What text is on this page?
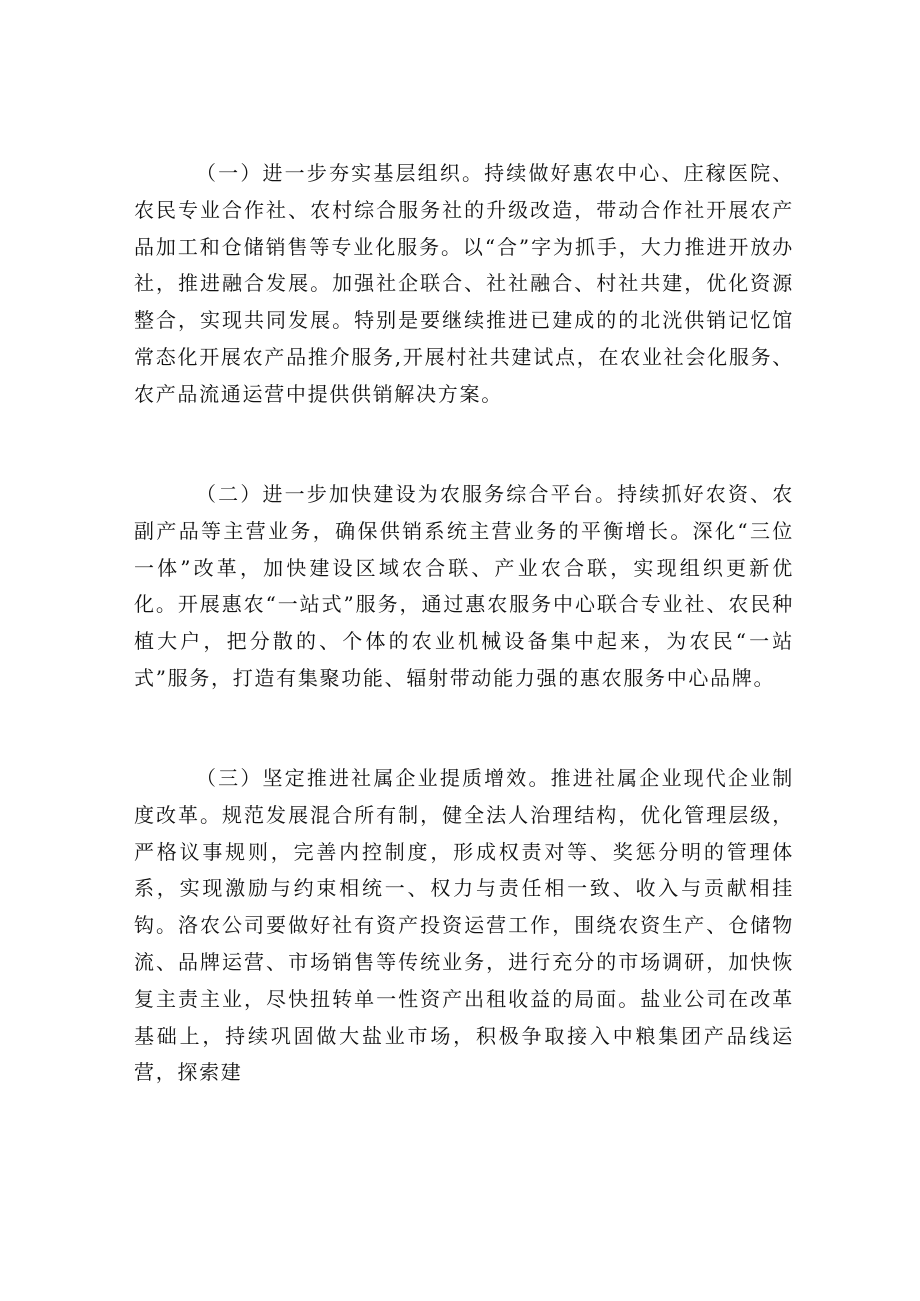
（一）进一步夯实基层组织。持续做好惠农中心、庄稼医院、农民专业合作社、农村综合服务社的升级改造，带动合作社开展农产品加工和仓储销售等专业化服务。以“合”字为抓手，大力推进开放办社，推进融合发展。加强社企联合、社社融合、村社共建，优化资源整合，实现共同发展。特别是要继续推进已建成的的北洸供销记忆馆常态化开展农产品推介服务,开展村社共建试点，在农业社会化服务、农产品流通运营中提供供销解决方案。

（二）进一步加快建设为农服务综合平台。持续抓好农资、农副产品等主营业务，确保供销系统主营业务的平衡增长。深化“三位一体”改革，加快建设区域农合联、产业农合联，实现组织更新优化。开展惠农“一站式”服务，通过惠农服务中心联合专业社、农民种植大户，把分散的、个体的农业机械设备集中起来，为农民“一站式”服务，打造有集聚功能、辐射带动能力强的惠农服务中心品牌。

（三）坚定推进社属企业提质增效。推进社属企业现代企业制度改革。规范发展混合所有制，健全法人治理结构，优化管理层级，严格议事规则，完善内控制度，形成权责对等、奖惩分明的管理体系，实现激励与约束相统一、权力与责任相一致、收入与贡献相挂钩。洛农公司要做好社有资产投资运营工作，围绕农资生产、仓储物流、品牌运营、市场销售等传统业务，进行充分的市场调研，加快恢复主责主业，尽快扭转单一性资产出租收益的局面。盐业公司在改革基础上，持续巩固做大盐业市场，积极争取接入中粮集团产品线运营，探索建
